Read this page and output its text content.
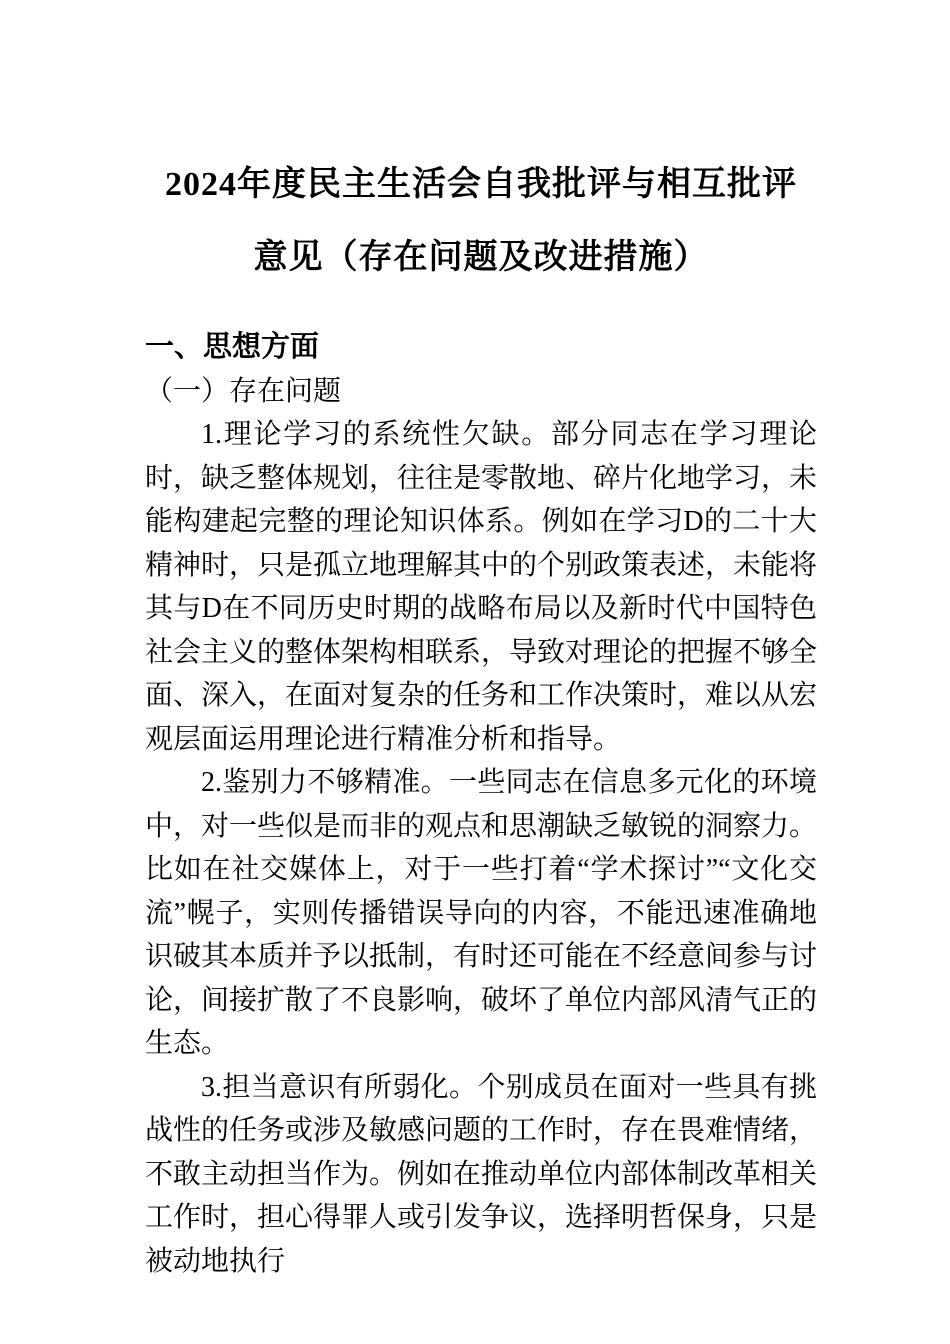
2024年度民主生活会自我批评与相互批评
意见（存在问题及改进措施）
一、思想方面
（一）存在问题

1.理论学习的系统性欠缺。部分同志在学习理论时，缺乏整体规划，往往是零散地、碎片化地学习，未能构建起完整的理论知识体系。例如在学习D的二十大精神时，只是孤立地理解其中的个别政策表述，未能将其与D在不同历史时期的战略布局以及新时代中国特色社会主义的整体架构相联系，导致对理论的把握不够全面、深入，在面对复杂的任务和工作决策时，难以从宏观层面运用理论进行精准分析和指导。

2.鉴别力不够精准。一些同志在信息多元化的环境中，对一些似是而非的观点和思潮缺乏敏锐的洞察力。比如在社交媒体上，对于一些打着“学术探讨”“文化交流”幌子，实则传播错误导向的内容，不能迅速准确地识破其本质并予以抵制，有时还可能在不经意间参与讨论，间接扩散了不良影响，破坏了单位内部风清气正的生态。

3.担当意识有所弱化。个别成员在面对一些具有挑战性的任务或涉及敏感问题的工作时，存在畏难情绪，不敢主动担当作为。例如在推动单位内部体制改革相关工作时，担心得罪人或引发争议，选择明哲保身，只是被动地执行
